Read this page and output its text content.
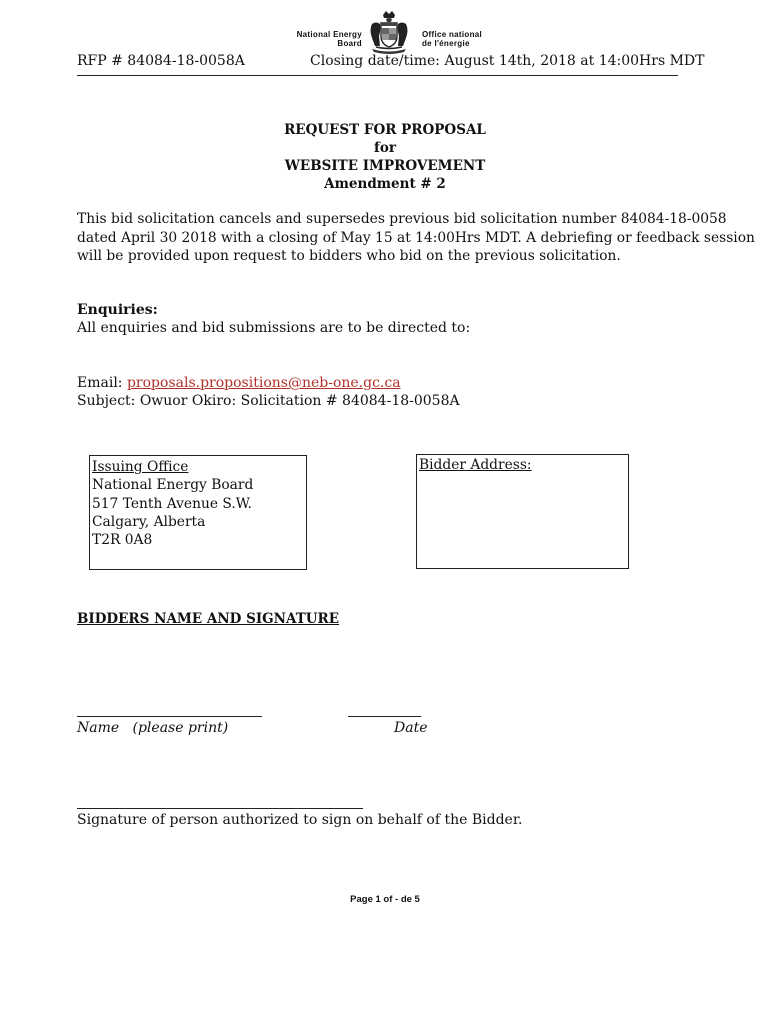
National Energy
Board
Office national
de l'énergie
RFP # 84084-18-0058A	Closing date/time: August 14th, 2018 at 14:00Hrs MDT
REQUEST FOR PROPOSAL
for
WEBSITE IMPROVEMENT
Amendment # 2
This bid solicitation cancels and supersedes previous bid solicitation number 84084-18-0058
dated April 30 2018 with a closing of May 15 at 14:00Hrs MDT. A debriefing or feedback session
will be provided upon request to bidders who bid on the previous solicitation.
Enquiries:
All enquiries and bid submissions are to be directed to:
Email: proposals.propositions@neb-one.gc.ca
Subject: Owuor Okiro: Solicitation # 84084-18-0058A
Issuing Office
National Energy Board
517 Tenth Avenue S.W.
Calgary, Alberta
T2R 0A8
Bidder Address:
BIDDERS NAME AND SIGNATURE
Name   (please print)	Date
Signature of person authorized to sign on behalf of the Bidder.
Page 1 of - de 5
